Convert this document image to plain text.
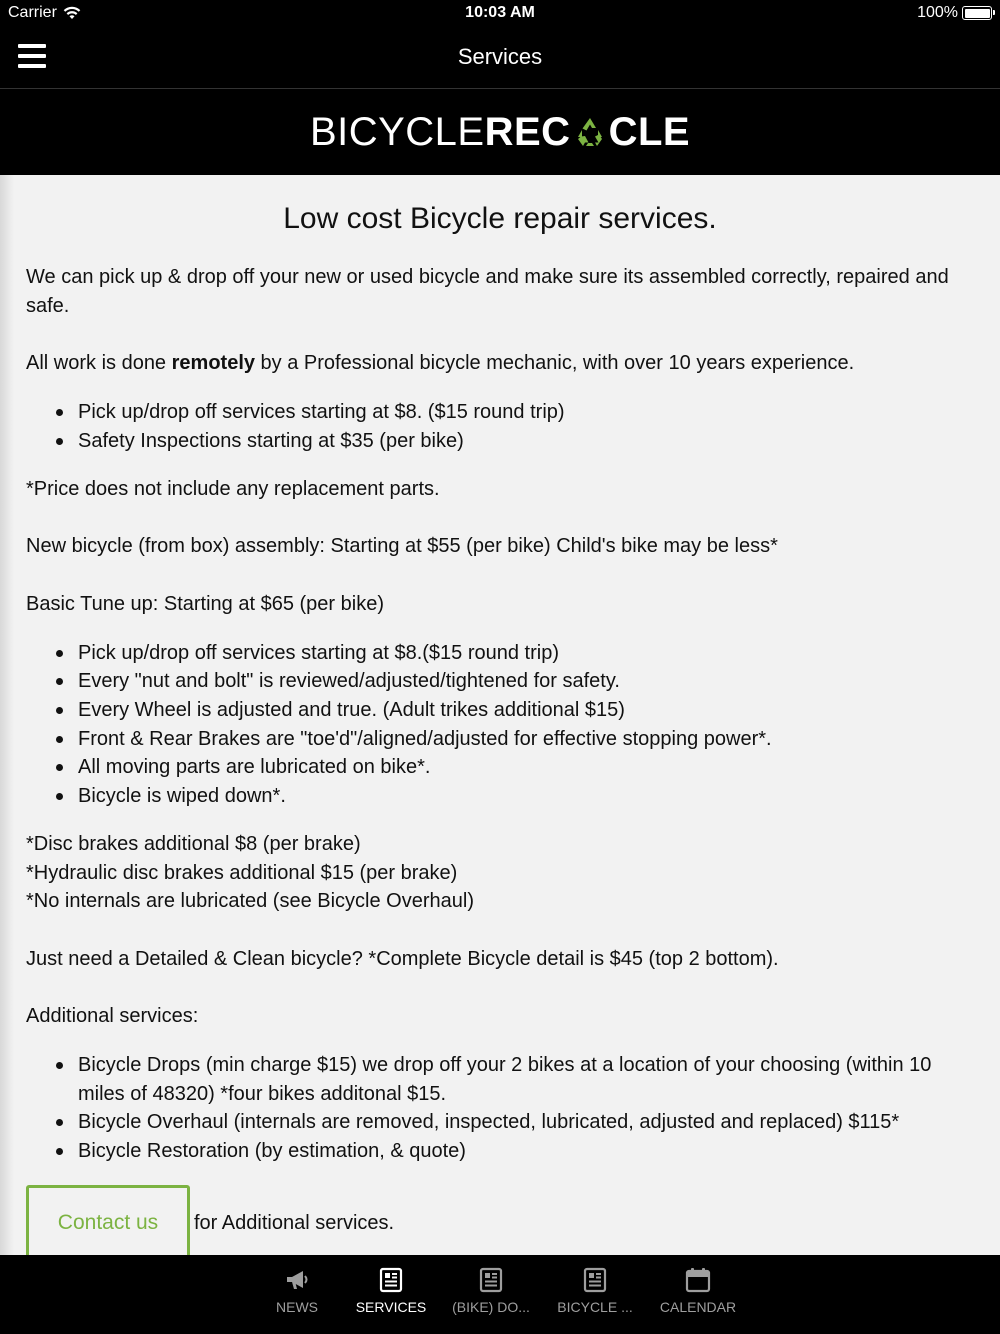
Carrier	10:03 AM	100%
Services
BICYCLE REC CLE
Low cost Bicycle repair services.

We can pick up & drop off your new or used bicycle and make sure its assembled correctly, repaired and safe.

All work is done remotely by a Professional bicycle mechanic, with over 10 years experience.

Pick up/drop off services starting at $8. ($15 round trip)
Safety Inspections starting at $35 (per bike)

*Price does not include any replacement parts.

New bicycle (from box) assembly: Starting at $55 (per bike) Child's bike may be less*

Basic Tune up: Starting at $65 (per bike)

Pick up/drop off services starting at $8.($15 round trip)
Every "nut and bolt" is reviewed/adjusted/tightened for safety.
Every Wheel is adjusted and true. (Adult trikes additional $15)
Front & Rear Brakes are "toe'd"/aligned/adjusted for effective stopping power*.
All moving parts are lubricated on bike*.
Bicycle is wiped down*.
*Disc brakes additional $8 (per brake)
*Hydraulic disc brakes additional $15 (per brake)
*No internals are lubricated (see Bicycle Overhaul)

Just need a Detailed & Clean bicycle? *Complete Bicycle detail is $45 (top 2 bottom).

Additional services:

Bicycle Drops (min charge $15) we drop off your 2 bikes at a location of your choosing (within 10 miles of 48320) *four bikes additonal $15.
Bicycle Overhaul (internals are removed, inspected, lubricated, adjusted and replaced) $115*
Bicycle Restoration (by estimation, & quote)
Contact us	for Additional services.
NEWS	SERVICES (BIKE) DO... BICYCLE ... CALENDAR
